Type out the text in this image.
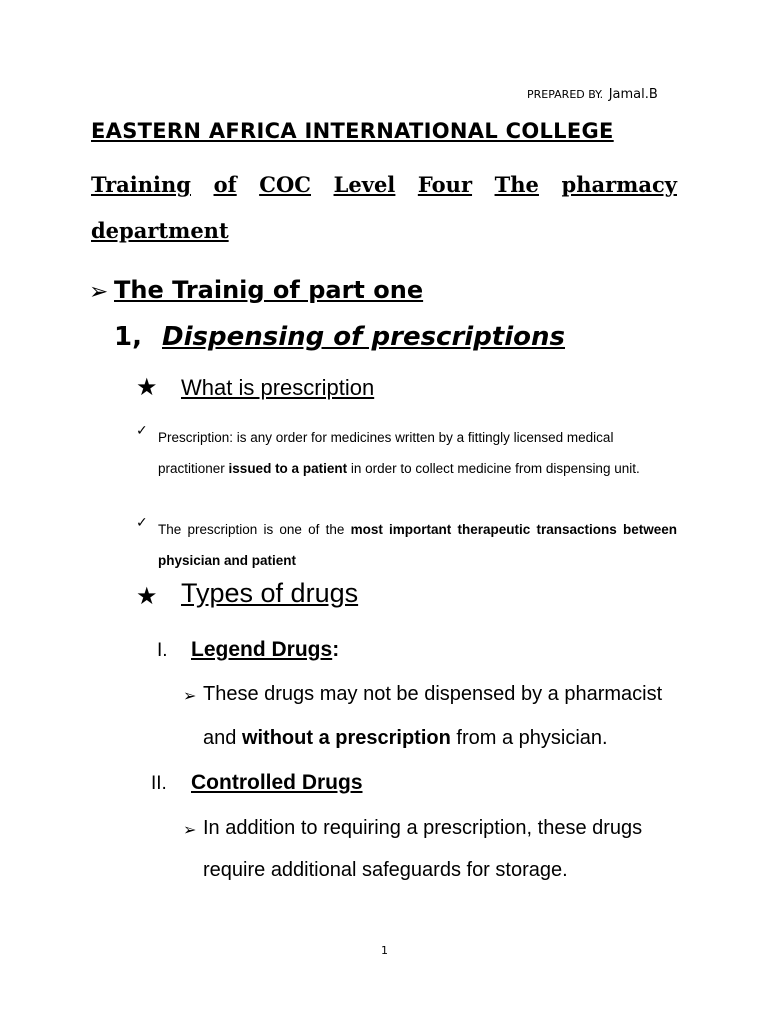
PREPARED BY. Jamal.B
EASTERN AFRICA INTERNATIONAL COLLEGE
Training of COC Level Four The pharmacy
department
➢ The Trainig of part one
1, Dispensing of prescriptions
★ What is prescription
✓ Prescription: is any order for medicines written by a fittingly licensed medical practitioner issued to a patient in order to collect medicine from dispensing unit.
✓ The prescription is one of the most important therapeutic transactions between physician and patient
★ Types of drugs
I. Legend Drugs:
➢ These drugs may not be dispensed by a pharmacist
and without a prescription from a physician.
II. Controlled Drugs
➢ In addition to requiring a prescription, these drugs
require additional safeguards for storage.
1
